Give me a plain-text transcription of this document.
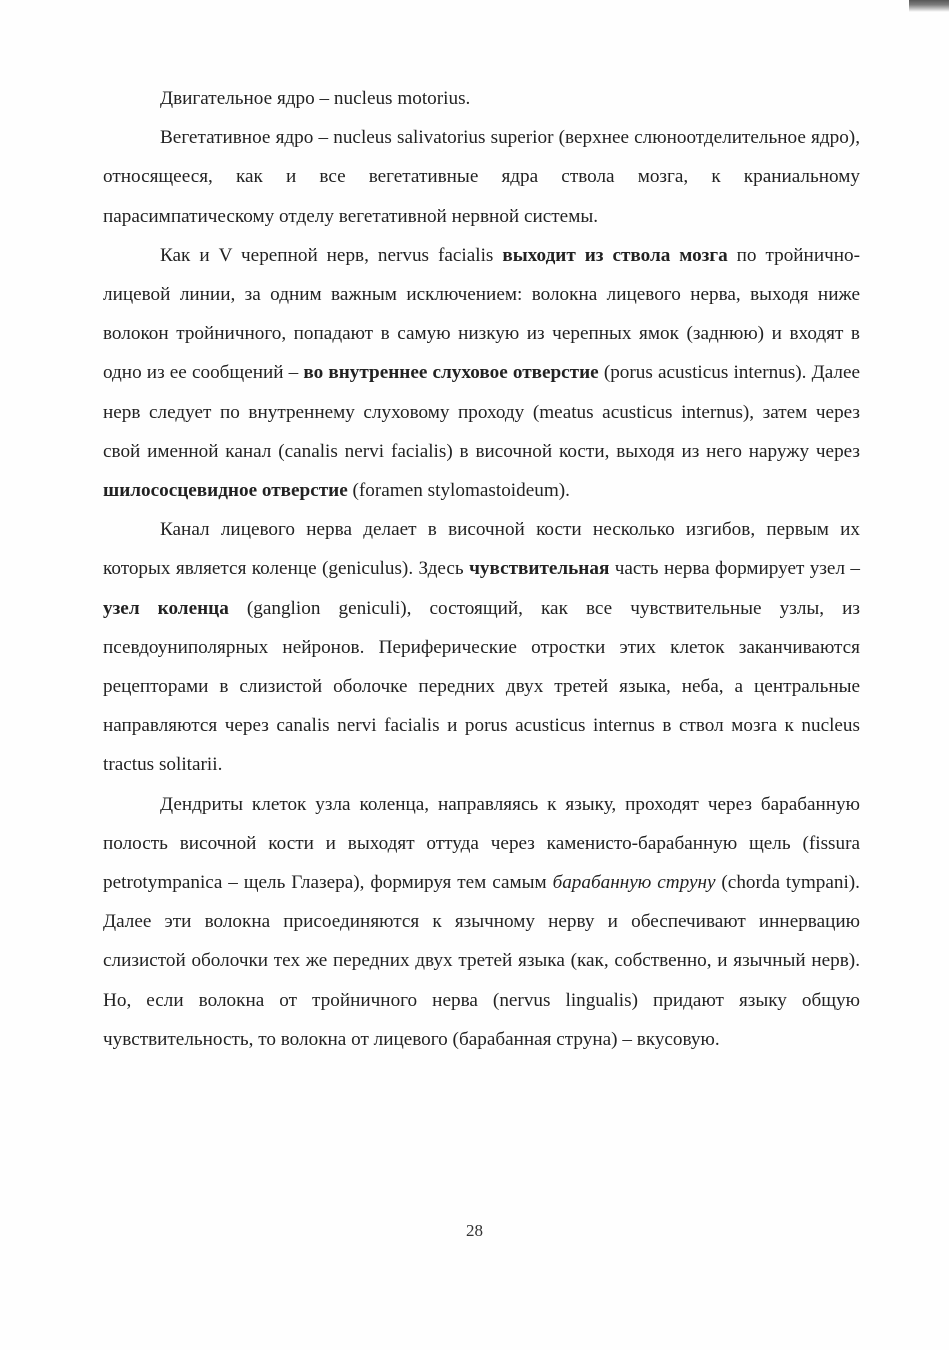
Двигательное ядро – nucleus motorius.

Вегетативное ядро – nucleus salivatorius superior (верхнее слюноотделительное ядро), относящееся, как и все вегетативные ядра ствола мозга, к краниальному парасимпатическому отделу вегетативной нервной системы.

Как и V черепной нерв, nervus facialis выходит из ствола мозга по тройнично-лицевой линии, за одним важным исключением: волокна лицевого нерва, выходя ниже волокон тройничного, попадают в самую низкую из черепных ямок (заднюю) и входят в одно из ее сообщений – во внутреннее слуховое отверстие (porus acusticus internus). Далее нерв следует по внутреннему слуховому проходу (meatus acusticus internus), затем через свой именной канал (canalis nervi facialis) в височной кости, выходя из него наружу через шилососцевидное отверстие (foramen stylomastoideum).

Канал лицевого нерва делает в височной кости несколько изгибов, первым их которых является коленце (geniculus). Здесь чувствительная часть нерва формирует узел – узел коленца (ganglion geniculi), состоящий, как все чувствительные узлы, из псевдоуниполярных нейронов. Периферические отростки этих клеток заканчиваются рецепторами в слизистой оболочке передних двух третей языка, неба, а центральные направляются через canalis nervi facialis и porus acusticus internus в ствол мозга к nucleus tractus solitarii.

Дендриты клеток узла коленца, направляясь к языку, проходят через барабанную полость височной кости и выходят оттуда через каменисто-барабанную щель (fissura petrotympanica – щель Глазера), формируя тем самым барабанную струну (chorda tympani). Далее эти волокна присоединяются к язычному нерву и обеспечивают иннервацию слизистой оболочки тех же передних двух третей языка (как, собственно, и язычный нерв). Но, если волокна от тройничного нерва (nervus lingualis) придают языку общую чувствительность, то волокна от лицевого (барабанная струна) – вкусовую.

28
